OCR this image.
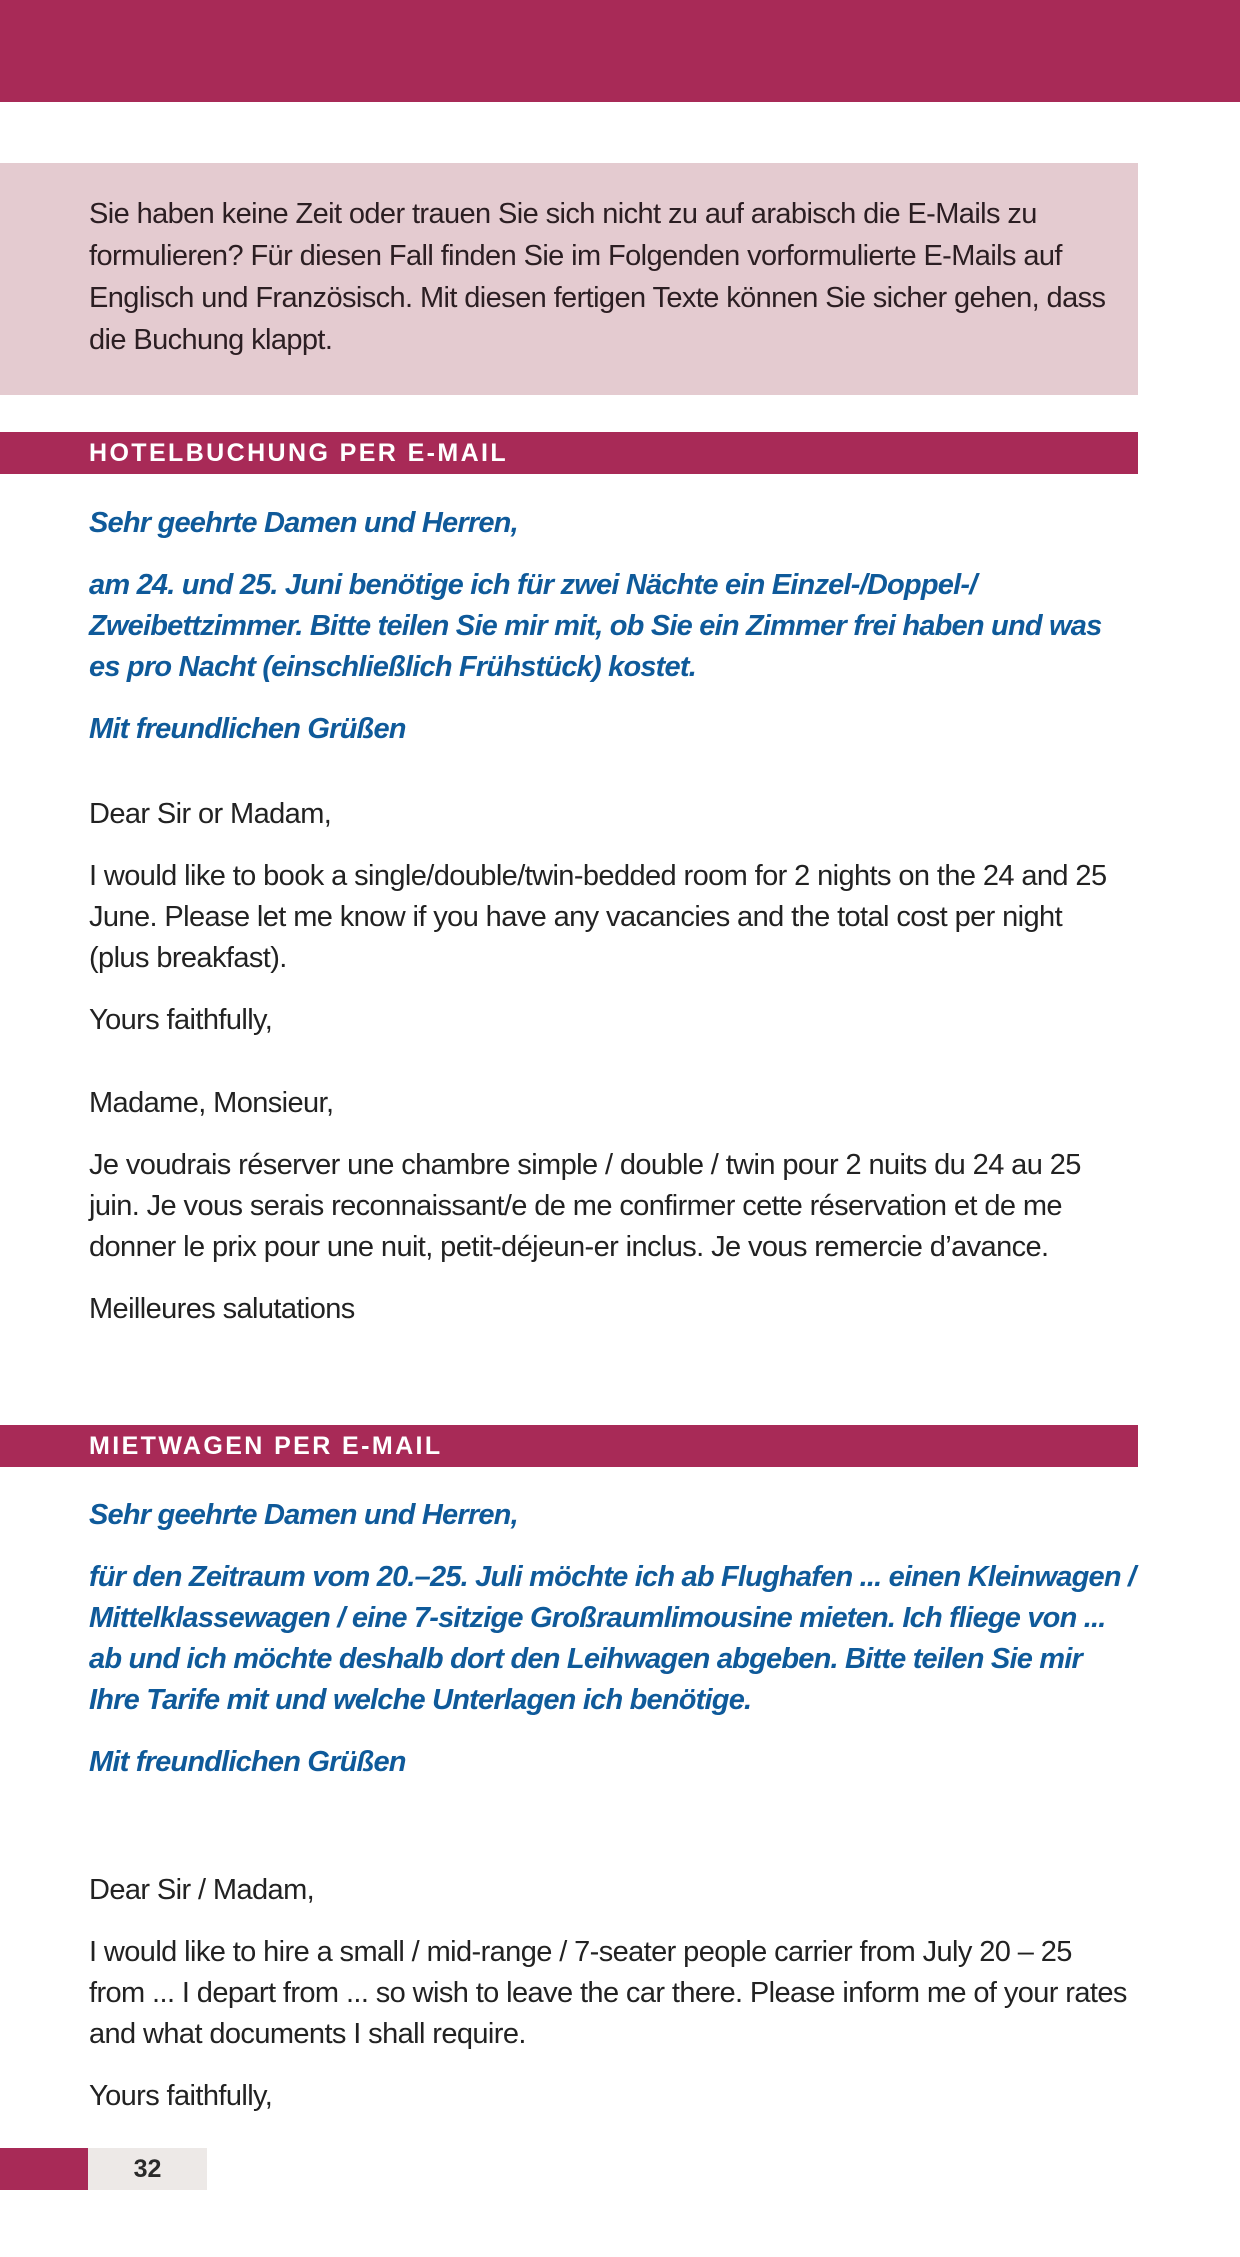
Sie haben keine Zeit oder trauen Sie sich nicht zu auf arabisch die E-Mails zu formulieren? Für diesen Fall finden Sie im Folgenden vorformulierte E-Mails auf Englisch und Französisch. Mit diesen fertigen Texte können Sie sicher gehen, dass die Buchung klappt.

HOTELBUCHUNG PER E-MAIL

Sehr geehrte Damen und Herren,

am 24. und 25. Juni benötige ich für zwei Nächte ein Einzel-/Doppel-/ Zweibettzimmer. Bitte teilen Sie mir mit, ob Sie ein Zimmer frei haben und was es pro Nacht (einschließlich Frühstück) kostet.

Mit freundlichen Grüßen

Dear Sir or Madam,

I would like to book a single/double/twin-bedded room for 2 nights on the 24 and 25 June. Please let me know if you have any vacancies and the total cost per night (plus breakfast).

Yours faithfully,

Madame, Monsieur,

Je voudrais réserver une chambre simple / double / twin pour 2 nuits du 24 au 25 juin. Je vous serais reconnaissant/e de me confirmer cette réservation et de me donner le prix pour une nuit, petit-déjeun-er inclus. Je vous remercie d’avance.

Meilleures salutations

MIETWAGEN PER E-MAIL

Sehr geehrte Damen und Herren,

für den Zeitraum vom 20.–25. Juli möchte ich ab Flughafen ... einen Kleinwagen / Mittelklassewagen / eine 7-sitzige Großraumlimousine mieten. Ich fliege von ... ab und ich möchte deshalb dort den Leihwagen abgeben. Bitte teilen Sie mir Ihre Tarife mit und welche Unterlagen ich benötige.

Mit freundlichen Grüßen

Dear Sir / Madam,

I would like to hire a small / mid-range / 7-seater people carrier from July 20 – 25 from ... I depart from ... so wish to leave the car there. Please inform me of your rates and what documents I shall require.

Yours faithfully,

32
